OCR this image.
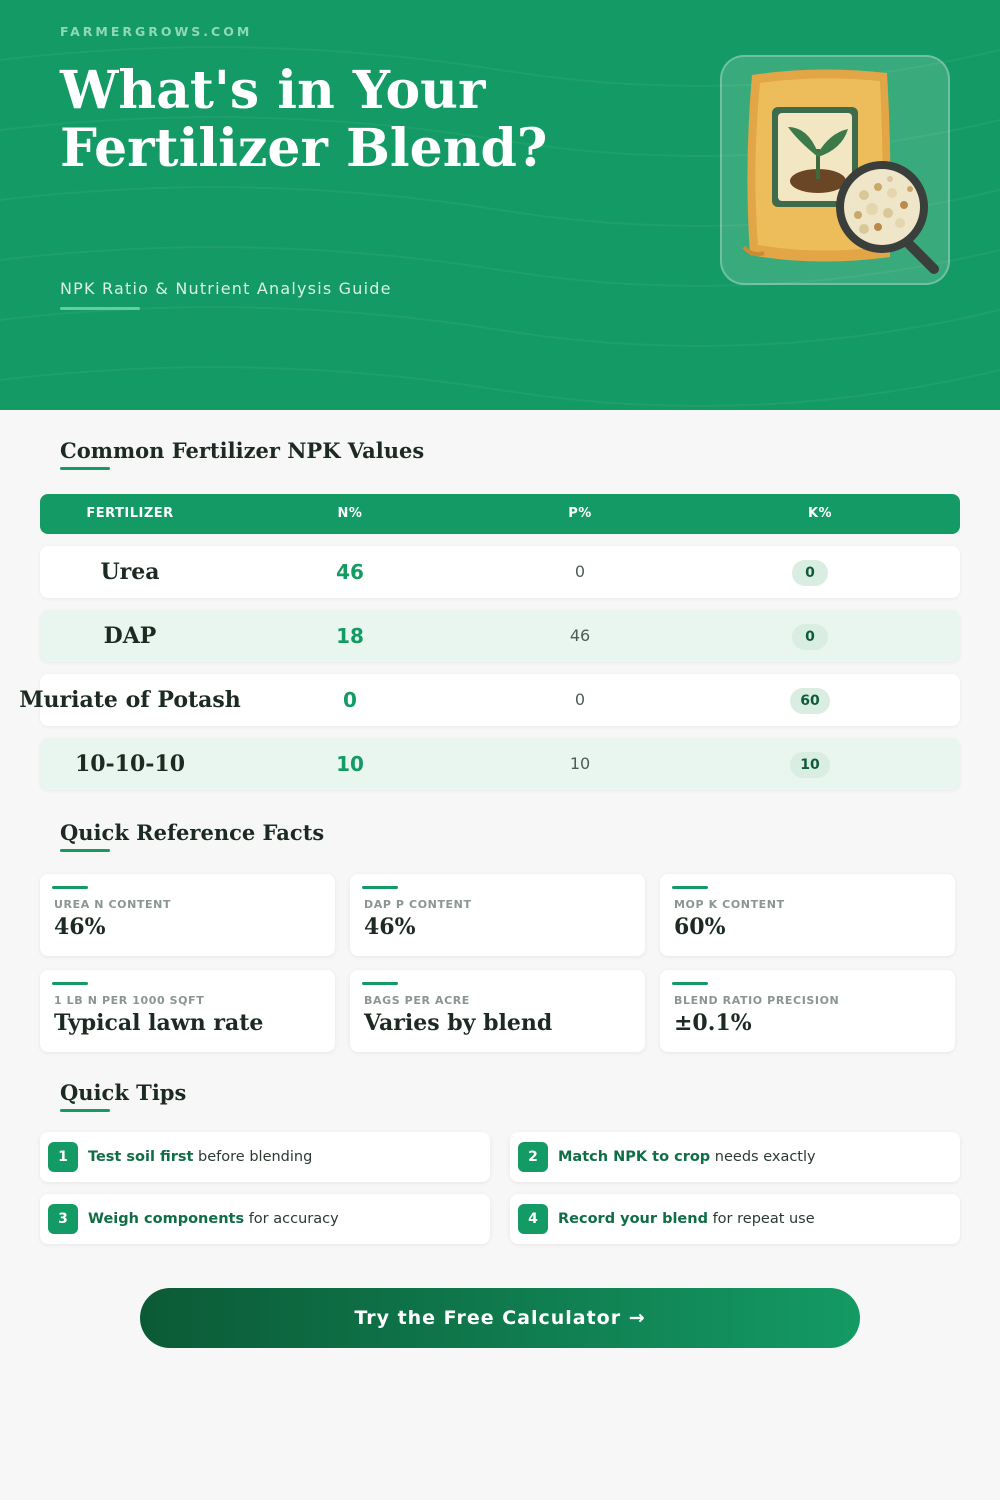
FARMERGROWS.COM
What's in Your Fertilizer Blend?
NPK Ratio & Nutrient Analysis Guide
Common Fertilizer NPK Values
FERTILIZER	N%	P%	K%
Urea	46	0	0
DAP	18	46	0
Muriate of Potash	0	0	60
10-10-10	10	10	10
Quick Reference Facts
UREA N CONTENT
46%
DAP P CONTENT
46%
MOP K CONTENT
60%
1 LB N PER 1000 SQFT
Typical lawn rate
BAGS PER ACRE
Varies by blend
BLEND RATIO PRECISION
±0.1%
Quick Tips
1	Test soil first before blending	2	Match NPK to crop needs exactly
3	Weigh components for accuracy	4	Record your blend for repeat use
Try the Free Calculator →
